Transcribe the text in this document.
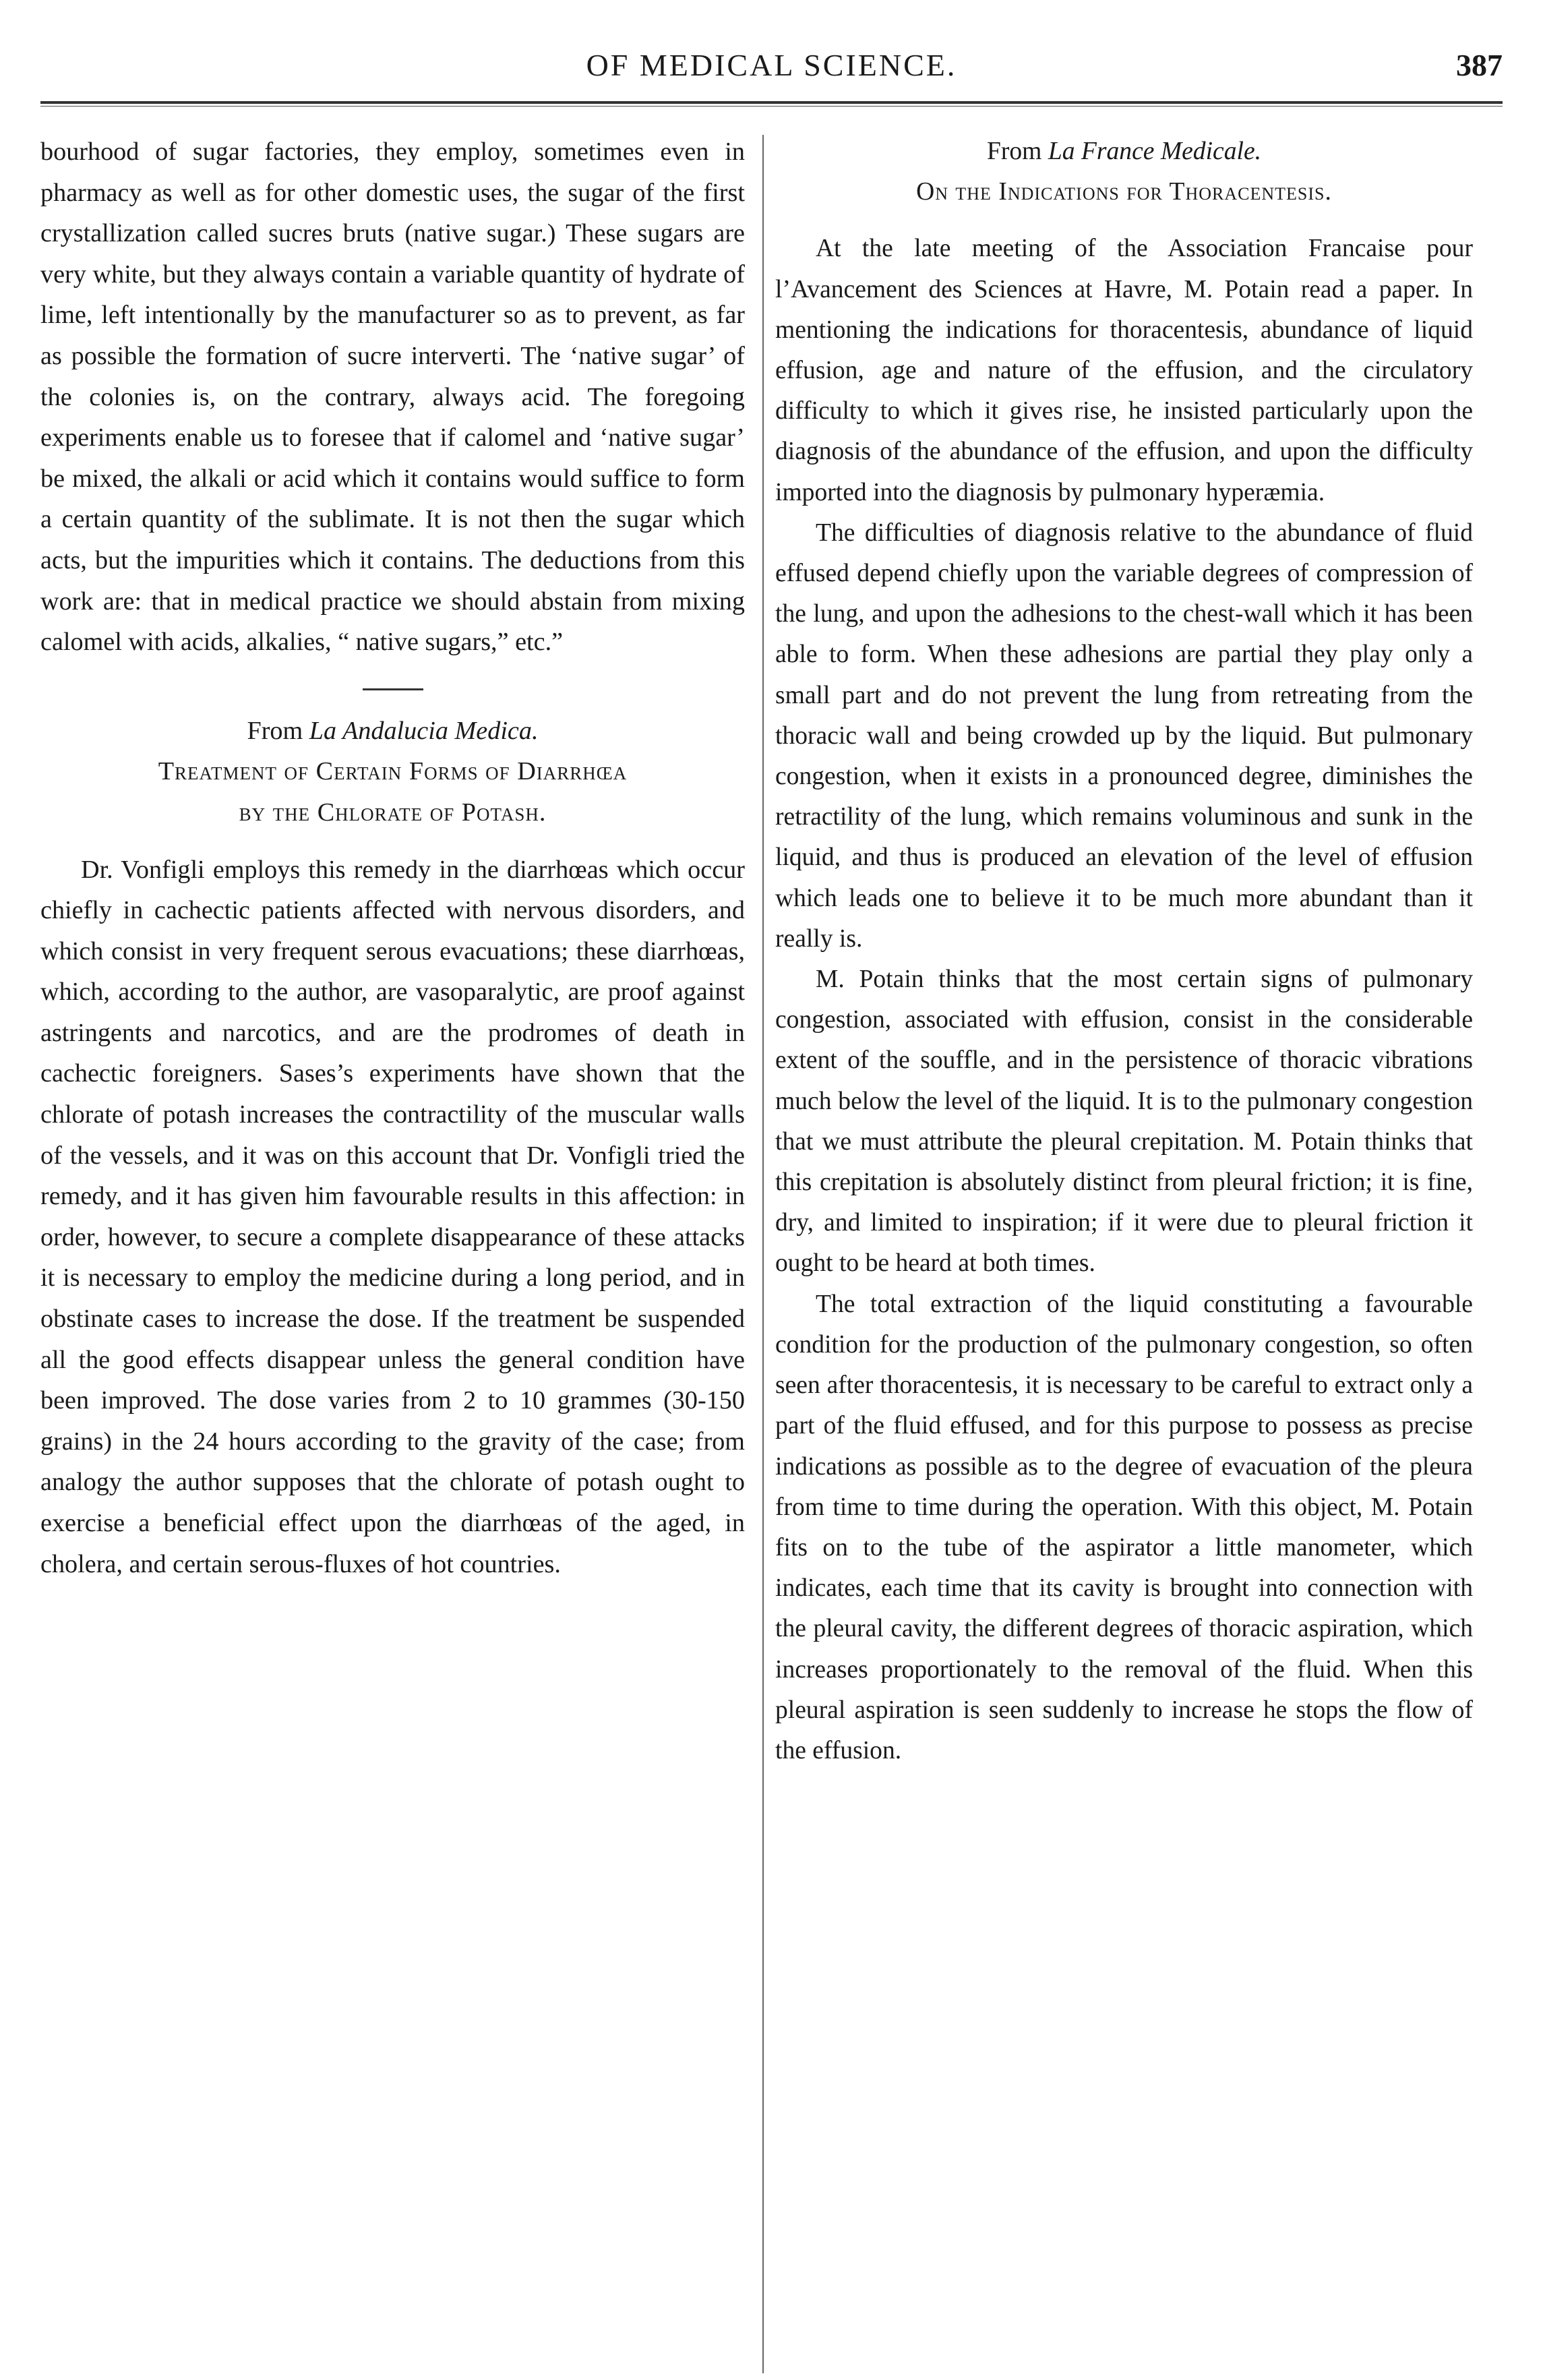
OF MEDICAL SCIENCE.	387

bourhood of sugar factories, they employ, sometimes even in pharmacy as well as for other domestic uses, the sugar of the first crystallization called sucres bruts (native sugar.) These sugars are very white, but they always contain a variable quantity of hydrate of lime, left intentionally by the manufacturer so as to prevent, as far as possible the formation of sucre interverti. The ‘native sugar’ of the colonies is, on the contrary, always acid. The foregoing experiments enable us to foresee that if calomel and ‘native sugar’ be mixed, the alkali or acid which it contains would suffice to form a certain quantity of the sublimate. It is not then the sugar which acts, but the impurities which it contains. The deductions from this work are: that in medical practice we should abstain from mixing calomel with acids, alkalies, “ native sugars,” etc.”

From La Andalucia Medica.
Treatment of Certain Forms of Diarrhœa
by the Chlorate of Potash.

Dr. Vonfigli employs this remedy in the diarrhœas which occur chiefly in cachectic patients affected with nervous disorders, and which consist in very frequent serous evacuations; these diarrhœas, which, according to the author, are vasoparalytic, are proof against astringents and narcotics, and are the prodromes of death in cachectic foreigners. Sases’s experiments have shown that the chlorate of potash increases the contractility of the muscular walls of the vessels, and it was on this account that Dr. Vonfigli tried the remedy, and it has given him favourable results in this affection: in order, however, to secure a complete disappearance of these attacks it is necessary to employ the medicine during a long period, and in obstinate cases to increase the dose. If the treatment be suspended all the good effects disappear unless the general condition have been improved. The dose varies from 2 to 10 grammes (30-150 grains) in the 24 hours according to the gravity of the case; from analogy the author supposes that the chlorate of potash ought to exercise a beneficial effect upon the diarrhœas of the aged, in cholera, and certain serous-fluxes of hot countries.

From La France Medicale.
On the Indications for Thoracentesis.

At the late meeting of the Association Francaise pour l’Avancement des Sciences at Havre, M. Potain read a paper. In mentioning the indications for thoracentesis, abundance of liquid effusion, age and nature of the effusion, and the circulatory difficulty to which it gives rise, he insisted particularly upon the diagnosis of the abundance of the effusion, and upon the difficulty imported into the diagnosis by pulmonary hyperæmia.

The difficulties of diagnosis relative to the abundance of fluid effused depend chiefly upon the variable degrees of compression of the lung, and upon the adhesions to the chest-wall which it has been able to form. When these adhesions are partial they play only a small part and do not prevent the lung from retreating from the thoracic wall and being crowded up by the liquid. But pulmonary congestion, when it exists in a pronounced degree, diminishes the retractility of the lung, which remains voluminous and sunk in the liquid, and thus is produced an elevation of the level of effusion which leads one to believe it to be much more abundant than it really is.

M. Potain thinks that the most certain signs of pulmonary congestion, associated with effusion, consist in the considerable extent of the souffle, and in the persistence of thoracic vibrations much below the level of the liquid. It is to the pulmonary congestion that we must attribute the pleural crepitation. M. Potain thinks that this crepitation is absolutely distinct from pleural friction; it is fine, dry, and limited to inspiration; if it were due to pleural friction it ought to be heard at both times.

The total extraction of the liquid constituting a favourable condition for the production of the pulmonary congestion, so often seen after thoracentesis, it is necessary to be careful to extract only a part of the fluid effused, and for this purpose to possess as precise indications as possible as to the degree of evacuation of the pleura from time to time during the operation. With this object, M. Potain fits on to the tube of the aspirator a little manometer, which indicates, each time that its cavity is brought into connection with the pleural cavity, the different degrees of thoracic aspiration, which increases proportionately to the removal of the fluid. When this pleural aspiration is seen suddenly to increase he stops the flow of the effusion.
